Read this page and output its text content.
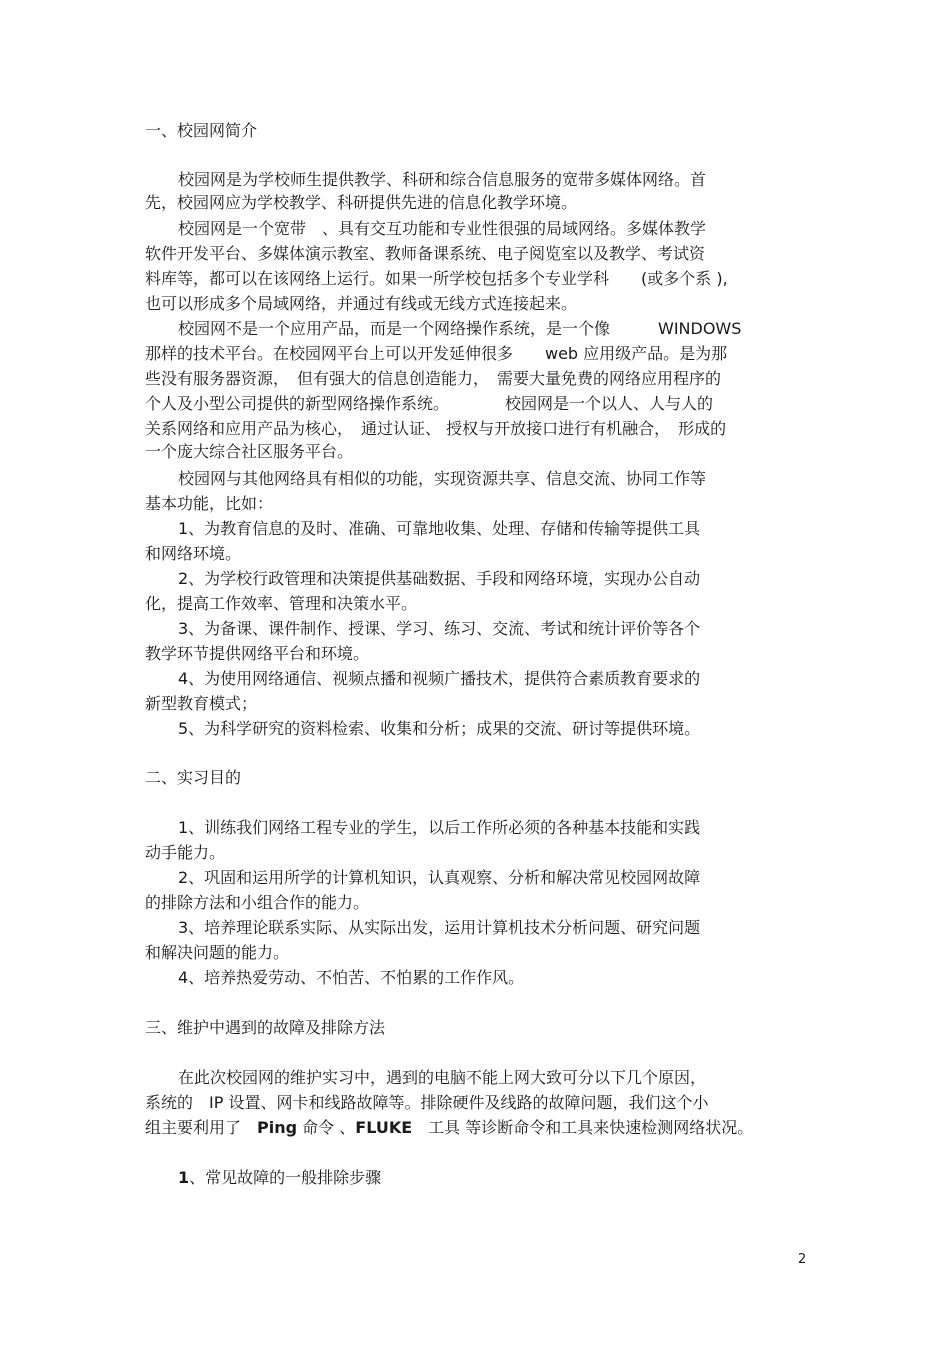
一、校园网简介
校园网是为学校师生提供教学、科研和综合信息服务的宽带多媒体网络。首
先，校园网应为学校教学、科研提供先进的信息化教学环境。
校园网是一个宽带　、具有交互功能和专业性很强的局域网络。多媒体教学
软件开发平台、多媒体演示教室、教师备课系统、电子阅览室以及教学、考试资
料库等，都可以在该网络上运行。如果一所学校包括多个专业学科　　(或多个系 ),
也可以形成多个局域网络，并通过有线或无线方式连接起来。
校园网不是一个应用产品，而是一个网络操作系统，是一个像　　　WINDOWS
那样的技术平台。在校园网平台上可以开发延伸很多　　web 应用级产品。是为那
些没有服务器资源，　但有强大的信息创造能力，　需要大量免费的网络应用程序的
个人及小型公司提供的新型网络操作系统。　　　　校园网是一个以人、人与人的
关系网络和应用产品为核心，　通过认证、 授权与开放接口进行有机融合，　形成的
一个庞大综合社区服务平台。
校园网与其他网络具有相似的功能，实现资源共享、信息交流、协同工作等
基本功能，比如：
1、为教育信息的及时、准确、可靠地收集、处理、存储和传输等提供工具
和网络环境。
2、为学校行政管理和决策提供基础数据、手段和网络环境，实现办公自动
化，提高工作效率、管理和决策水平。
3、为备课、课件制作、授课、学习、练习、交流、考试和统计评价等各个
教学环节提供网络平台和环境。
4、为使用网络通信、视频点播和视频广播技术，提供符合素质教育要求的
新型教育模式；
5、为科学研究的资料检索、收集和分析；成果的交流、研讨等提供环境。
二、实习目的
1、训练我们网络工程专业的学生，以后工作所必须的各种基本技能和实践
动手能力。
2、巩固和运用所学的计算机知识，认真观察、分析和解决常见校园网故障
的排除方法和小组合作的能力。
3、培养理论联系实际、从实际出发，运用计算机技术分析问题、研究问题
和解决问题的能力。
4、培养热爱劳动、不怕苦、不怕累的工作作风。
三、维护中遇到的故障及排除方法
在此次校园网的维护实习中，遇到的电脑不能上网大致可分以下几个原因，
系统的　IP 设置、网卡和线路故障等。排除硬件及线路的故障问题，我们这个小
组主要利用了　Ping 命令 、FLUKE　工具 等诊断命令和工具来快速检测网络状况。
1、常见故障的一般排除步骤
2
